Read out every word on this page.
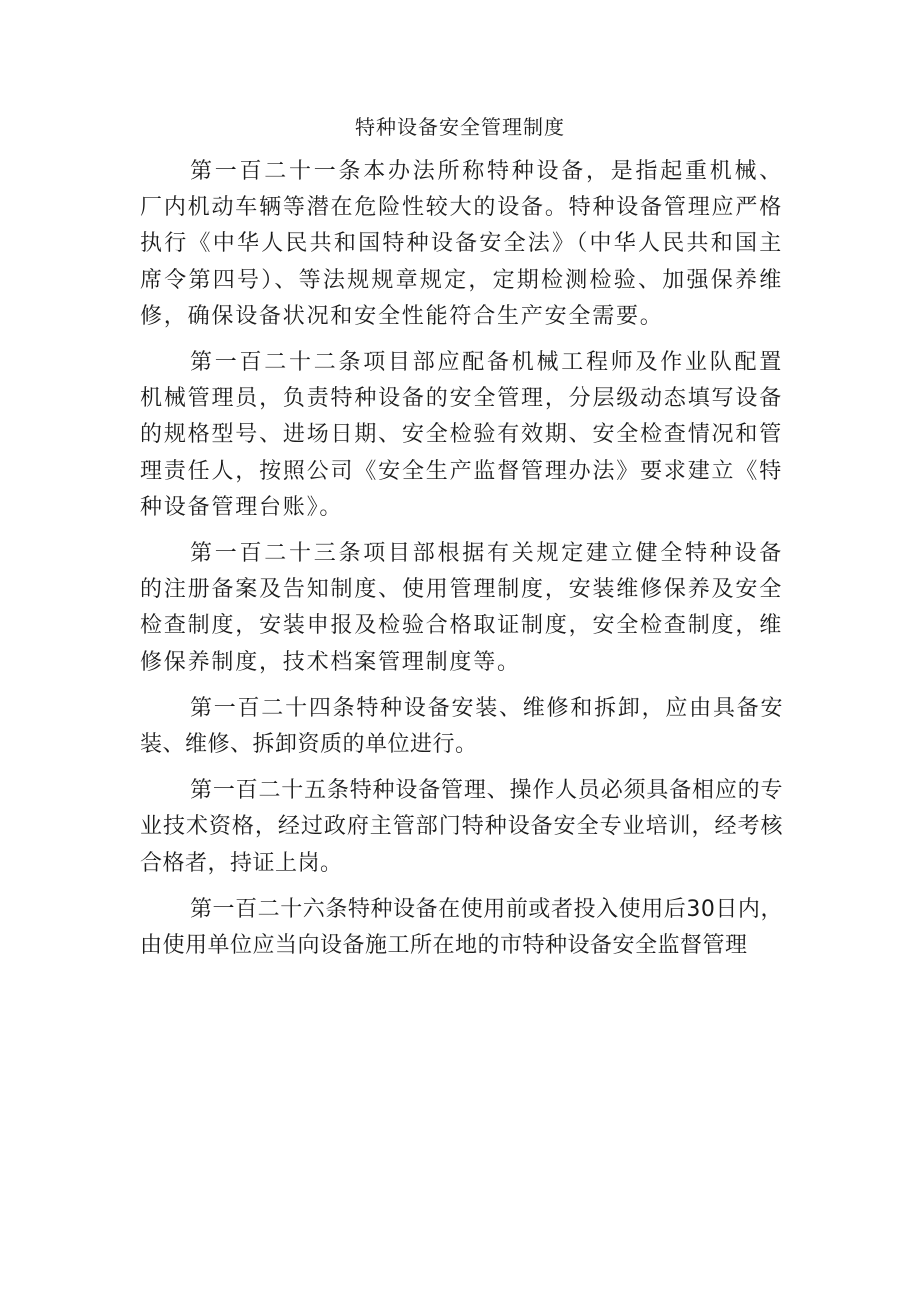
特种设备安全管理制度

第一百二十一条本办法所称特种设备，是指起重机械、厂内机动车辆等潜在危险性较大的设备。特种设备管理应严格执行《中华人民共和国特种设备安全法》（中华人民共和国主席令第四号）、等法规规章规定，定期检测检验、加强保养维修，确保设备状况和安全性能符合生产安全需要。

第一百二十二条项目部应配备机械工程师及作业队配置机械管理员，负责特种设备的安全管理，分层级动态填写设备的规格型号、进场日期、安全检验有效期、安全检查情况和管理责任人，按照公司《安全生产监督管理办法》要求建立《特种设备管理台账》。

第一百二十三条项目部根据有关规定建立健全特种设备的注册备案及告知制度、使用管理制度，安装维修保养及安全检查制度，安装申报及检验合格取证制度，安全检查制度，维修保养制度，技术档案管理制度等。

第一百二十四条特种设备安装、维修和拆卸，应由具备安装、维修、拆卸资质的单位进行。

第一百二十五条特种设备管理、操作人员必须具备相应的专业技术资格，经过政府主管部门特种设备安全专业培训，经考核合格者，持证上岗。

第一百二十六条特种设备在使用前或者投入使用后30日内，由使用单位应当向设备施工所在地的市特种设备安全监督管理
